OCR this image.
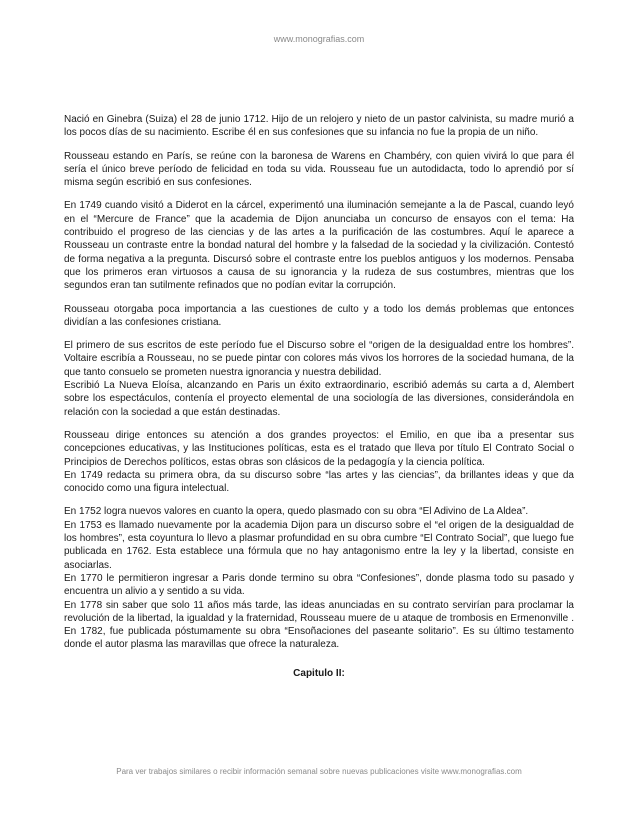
www.monografias.com

Nació en Ginebra (Suiza) el 28 de junio 1712. Hijo de un relojero y nieto de un pastor calvinista, su madre murió a los pocos días de su nacimiento. Escribe él en sus confesiones que su infancia no fue la propia de un niño.

Rousseau estando en París, se reúne con la baronesa de Warens en Chambéry, con quien vivirá lo que para él sería el único breve período de felicidad en toda su vida. Rousseau fue un autodidacta, todo lo aprendió por sí misma según escribió en sus confesiones.

En 1749 cuando visitó a Diderot en la cárcel, experimentó una iluminación semejante a la de Pascal, cuando leyó en el “Mercure de France” que la academia de Dijon anunciaba un concurso de ensayos con el tema: Ha contribuido el progreso de las ciencias y de las artes a la purificación de las costumbres. Aquí le aparece a Rousseau un contraste entre la bondad natural del hombre y la falsedad de la sociedad y la civilización. Contestó de forma negativa a la pregunta. Discursó sobre el contraste entre los pueblos antiguos y los modernos. Pensaba que los primeros eran virtuosos a causa de su ignorancia y la rudeza de sus costumbres, mientras que los segundos eran tan sutilmente refinados que no podían evitar la corrupción.

Rousseau otorgaba poca importancia a las cuestiones de culto y a todo los demás problemas que entonces dividían a las confesiones cristiana.

El primero de sus escritos de este período fue el Discurso sobre el “origen de la desigualdad entre los hombres”. Voltaire escribía a Rousseau, no se puede pintar con colores más vivos los horrores de la sociedad humana, de la que tanto consuelo se prometen nuestra ignorancia y nuestra debilidad.

Escribió La Nueva Eloísa, alcanzando en Paris un éxito extraordinario, escribió además su carta a d, Alembert sobre los espectáculos, contenía el proyecto elemental de una sociología de las diversiones, considerándola en relación con la sociedad a que están destinadas.

Rousseau dirige entonces su atención a dos grandes proyectos: el Emilio, en que iba a presentar sus concepciones educativas, y las Instituciones políticas, esta es el tratado que lleva por título El Contrato Social o Principios de Derechos políticos, estas obras son clásicos de la pedagogía y la ciencia política.

En 1749 redacta su primera obra, da su discurso sobre “las artes y las ciencias”, da brillantes ideas y que da conocido como una figura intelectual.

En 1752 logra nuevos valores en cuanto la opera, quedo plasmado con su obra “El Adivino de La Aldea”.

En 1753 es llamado nuevamente por la academia Dijon para un discurso sobre el “el origen de la desigualdad de los hombres”, esta coyuntura lo llevo a plasmar profundidad en su obra cumbre “El Contrato Social”, que luego fue publicada en 1762. Esta establece una fórmula que no hay antagonismo entre la ley y la libertad, consiste en asociarlas.

En 1770 le permitieron ingresar a Paris donde termino su obra “Confesiones”, donde plasma todo su pasado y encuentra un alivio a y sentido a su vida.

En 1778 sin saber que solo 11 años más tarde, las ideas anunciadas en su contrato servirían para proclamar la revolución de la libertad, la igualdad y la fraternidad, Rousseau muere de u ataque de trombosis en Ermenonville . En 1782, fue publicada póstumamente su obra “Ensoñaciones del paseante solitario”. Es su último testamento donde el autor plasma las maravillas que ofrece la naturaleza.

Capitulo II:
Para ver trabajos similares o recibir información semanal sobre nuevas publicaciones visite www.monografias.com
